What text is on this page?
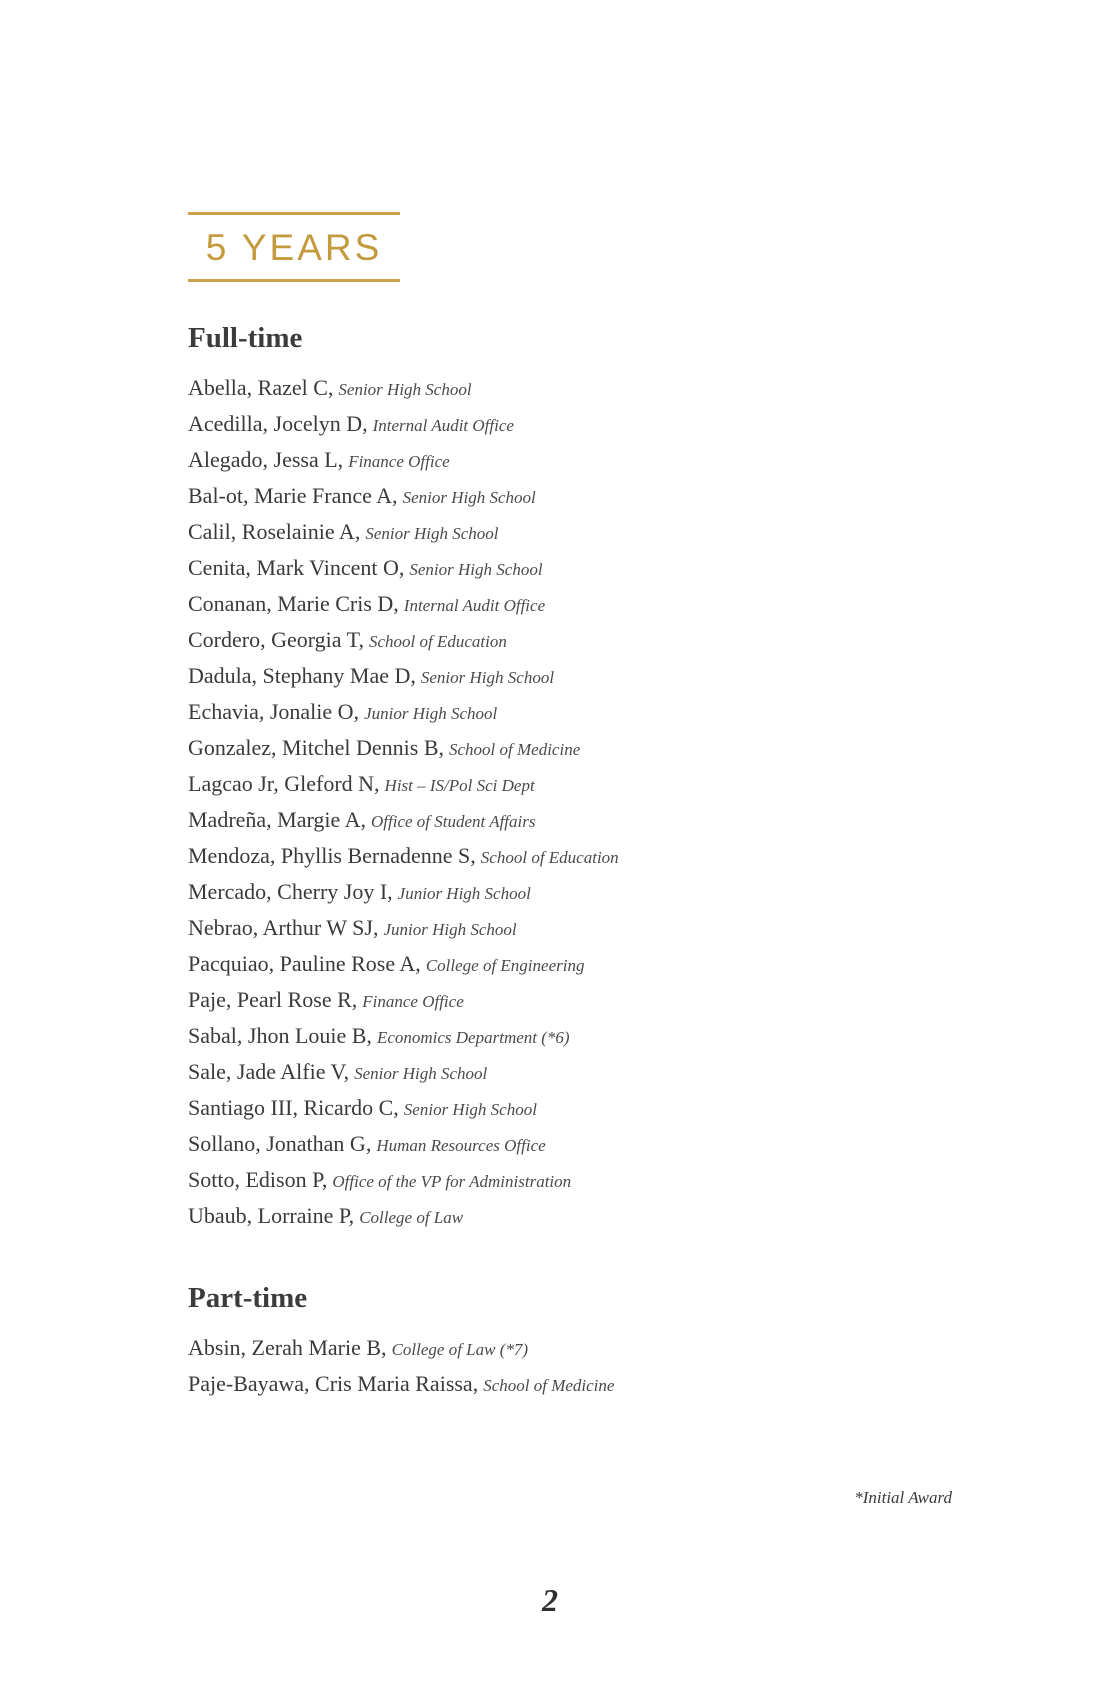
5 YEARS
Full-time
Abella, Razel C, Senior High School
Acedilla, Jocelyn D, Internal Audit Office
Alegado, Jessa L, Finance Office
Bal-ot, Marie France A, Senior High School
Calil, Roselainie A, Senior High School
Cenita, Mark Vincent O, Senior High School
Conanan, Marie Cris D, Internal Audit Office
Cordero, Georgia T, School of Education
Dadula, Stephany Mae D, Senior High School
Echavia, Jonalie O, Junior High School
Gonzalez, Mitchel Dennis B, School of Medicine
Lagcao Jr, Gleford N, Hist – IS/Pol Sci Dept
Madreña, Margie A, Office of Student Affairs
Mendoza, Phyllis Bernadenne S, School of Education
Mercado, Cherry Joy I, Junior High School
Nebrao, Arthur W SJ, Junior High School
Pacquiao, Pauline Rose A, College of Engineering
Paje, Pearl Rose R, Finance Office
Sabal, Jhon Louie B, Economics Department (*6)
Sale, Jade Alfie V, Senior High School
Santiago III, Ricardo C, Senior High School
Sollano, Jonathan G, Human Resources Office
Sotto, Edison P, Office of the VP for Administration
Ubaub, Lorraine P, College of Law
Part-time
Absin, Zerah Marie B, College of Law (*7)
Paje-Bayawa, Cris Maria Raissa, School of Medicine
*Initial Award
2
